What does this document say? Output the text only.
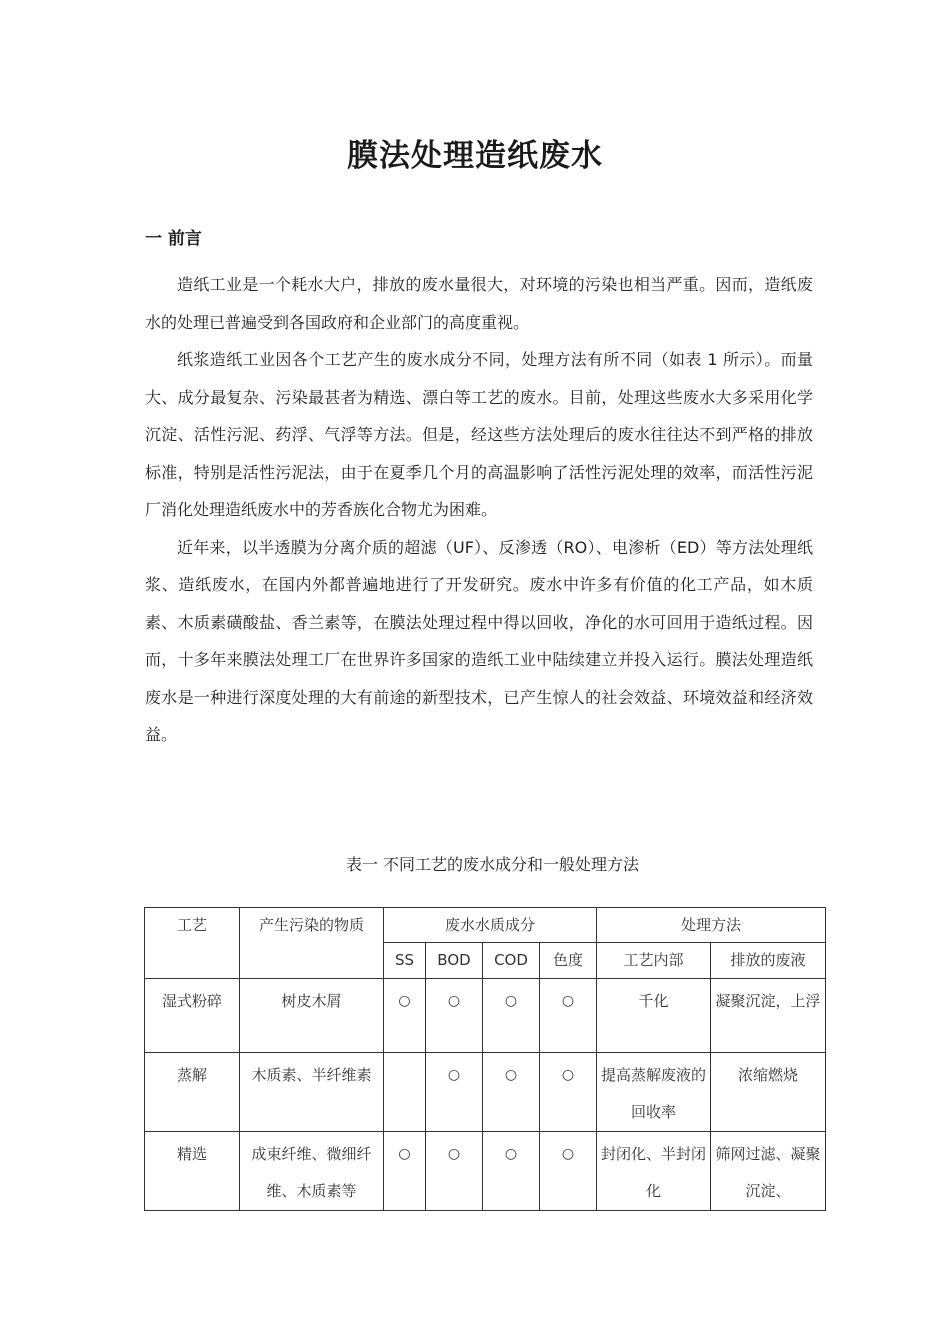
膜法处理造纸废水
一 前言

造纸工业是一个耗水大户，排放的废水量很大，对环境的污染也相当严重。因而，造纸废水的处理已普遍受到各国政府和企业部门的高度重视。

纸浆造纸工业因各个工艺产生的废水成分不同，处理方法有所不同（如表 1 所示）。而量大、成分最复杂、污染最甚者为精选、漂白等工艺的废水。目前，处理这些废水大多采用化学沉淀、活性污泥、药浮、气浮等方法。但是，经这些方法处理后的废水往往达不到严格的排放标准，特别是活性污泥法，由于在夏季几个月的高温影响了活性污泥处理的效率，而活性污泥厂消化处理造纸废水中的芳香族化合物尤为困难。

近年来，以半透膜为分离介质的超滤（UF）、反渗透（RO）、电渗析（ED）等方法处理纸浆、造纸废水，在国内外都普遍地进行了开发研究。废水中许多有价值的化工产品，如木质素、木质素磺酸盐、香兰素等，在膜法处理过程中得以回收，净化的水可回用于造纸过程。因而，十多年来膜法处理工厂在世界许多国家的造纸工业中陆续建立并投入运行。膜法处理造纸废水是一种进行深度处理的大有前途的新型技术，已产生惊人的社会效益、环境效益和经济效益。

表一 不同工艺的废水成分和一般处理方法
工艺	产生污染的物质	废水水质成分				处理方法	
		SS	BOD	COD	色度	工艺内部	排放的废液
湿式粉碎	树皮木屑	○	○	○	○	千化	凝聚沉淀，上浮
蒸解	木质素、半纤维素		○	○	○	提高蒸解废液的回收率	浓缩燃烧
精选	成束纤维、微细纤维、木质素等	○	○	○	○	封闭化、半封闭化	筛网过滤、凝聚沉淀、
